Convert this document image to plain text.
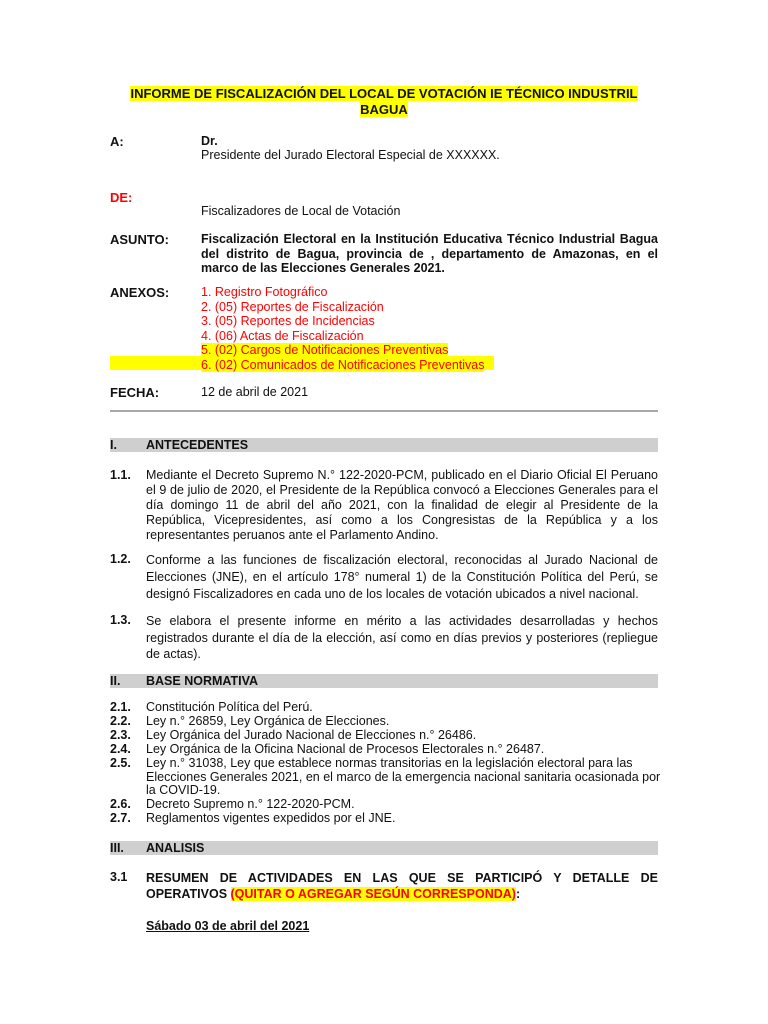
INFORME DE FISCALIZACIÓN DEL LOCAL DE VOTACIÓN IE TÉCNICO INDUSTRIL
BAGUA
A:	Dr.
Presidente del Jurado Electoral Especial de XXXXXX.
DE:
Fiscalizadores de Local de Votación
ASUNTO:	Fiscalización Electoral en la Institución Educativa Técnico Industrial Bagua del distrito de Bagua, provincia de , departamento de Amazonas, en el marco de las Elecciones Generales 2021.
ANEXOS:	1. Registro Fotográfico
2. (05) Reportes de Fiscalización
3. (05) Reportes de Incidencias
4. (06) Actas de Fiscalización
5. (02) Cargos de Notificaciones Preventivas
6. (02) Comunicados de Notificaciones Preventivas
FECHA:	12 de abril de 2021
I. ANTECEDENTES
1.1. Mediante el Decreto Supremo N.° 122-2020-PCM, publicado en el Diario Oficial El Peruano el 9 de julio de 2020, el Presidente de la República convocó a Elecciones Generales para el día domingo 11 de abril del año 2021, con la finalidad de elegir al Presidente de la República, Vicepresidentes, así como a los Congresistas de la República y a los representantes peruanos ante el Parlamento Andino.
1.2. Conforme a las funciones de fiscalización electoral, reconocidas al Jurado Nacional de Elecciones (JNE), en el artículo 178° numeral 1) de la Constitución Política del Perú, se designó Fiscalizadores en cada uno de los locales de votación ubicados a nivel nacional.
1.3. Se elabora el presente informe en mérito a las actividades desarrolladas y hechos registrados durante el día de la elección, así como en días previos y posteriores (repliegue de actas).
II. BASE NORMATIVA
2.1.	Constitución Política del Perú.
2.2.	Ley n.° 26859, Ley Orgánica de Elecciones.
2.3.	Ley Orgánica del Jurado Nacional de Elecciones n.° 26486.
2.4.	Ley Orgánica de la Oficina Nacional de Procesos Electorales n.° 26487.
2.5.	Ley n.° 31038, Ley que establece normas transitorias en la legislación electoral para las Elecciones Generales 2021, en el marco de la emergencia nacional sanitaria ocasionada por la COVID-19.
2.6.	Decreto Supremo n.° 122-2020-PCM.
2.7.	Reglamentos vigentes expedidos por el JNE.
III. ANALISIS
3.1 RESUMEN DE ACTIVIDADES EN LAS QUE SE PARTICIPÓ Y DETALLE DE OPERATIVOS (QUITAR O AGREGAR SEGÚN CORRESPONDA):
Sábado 03 de abril del 2021
